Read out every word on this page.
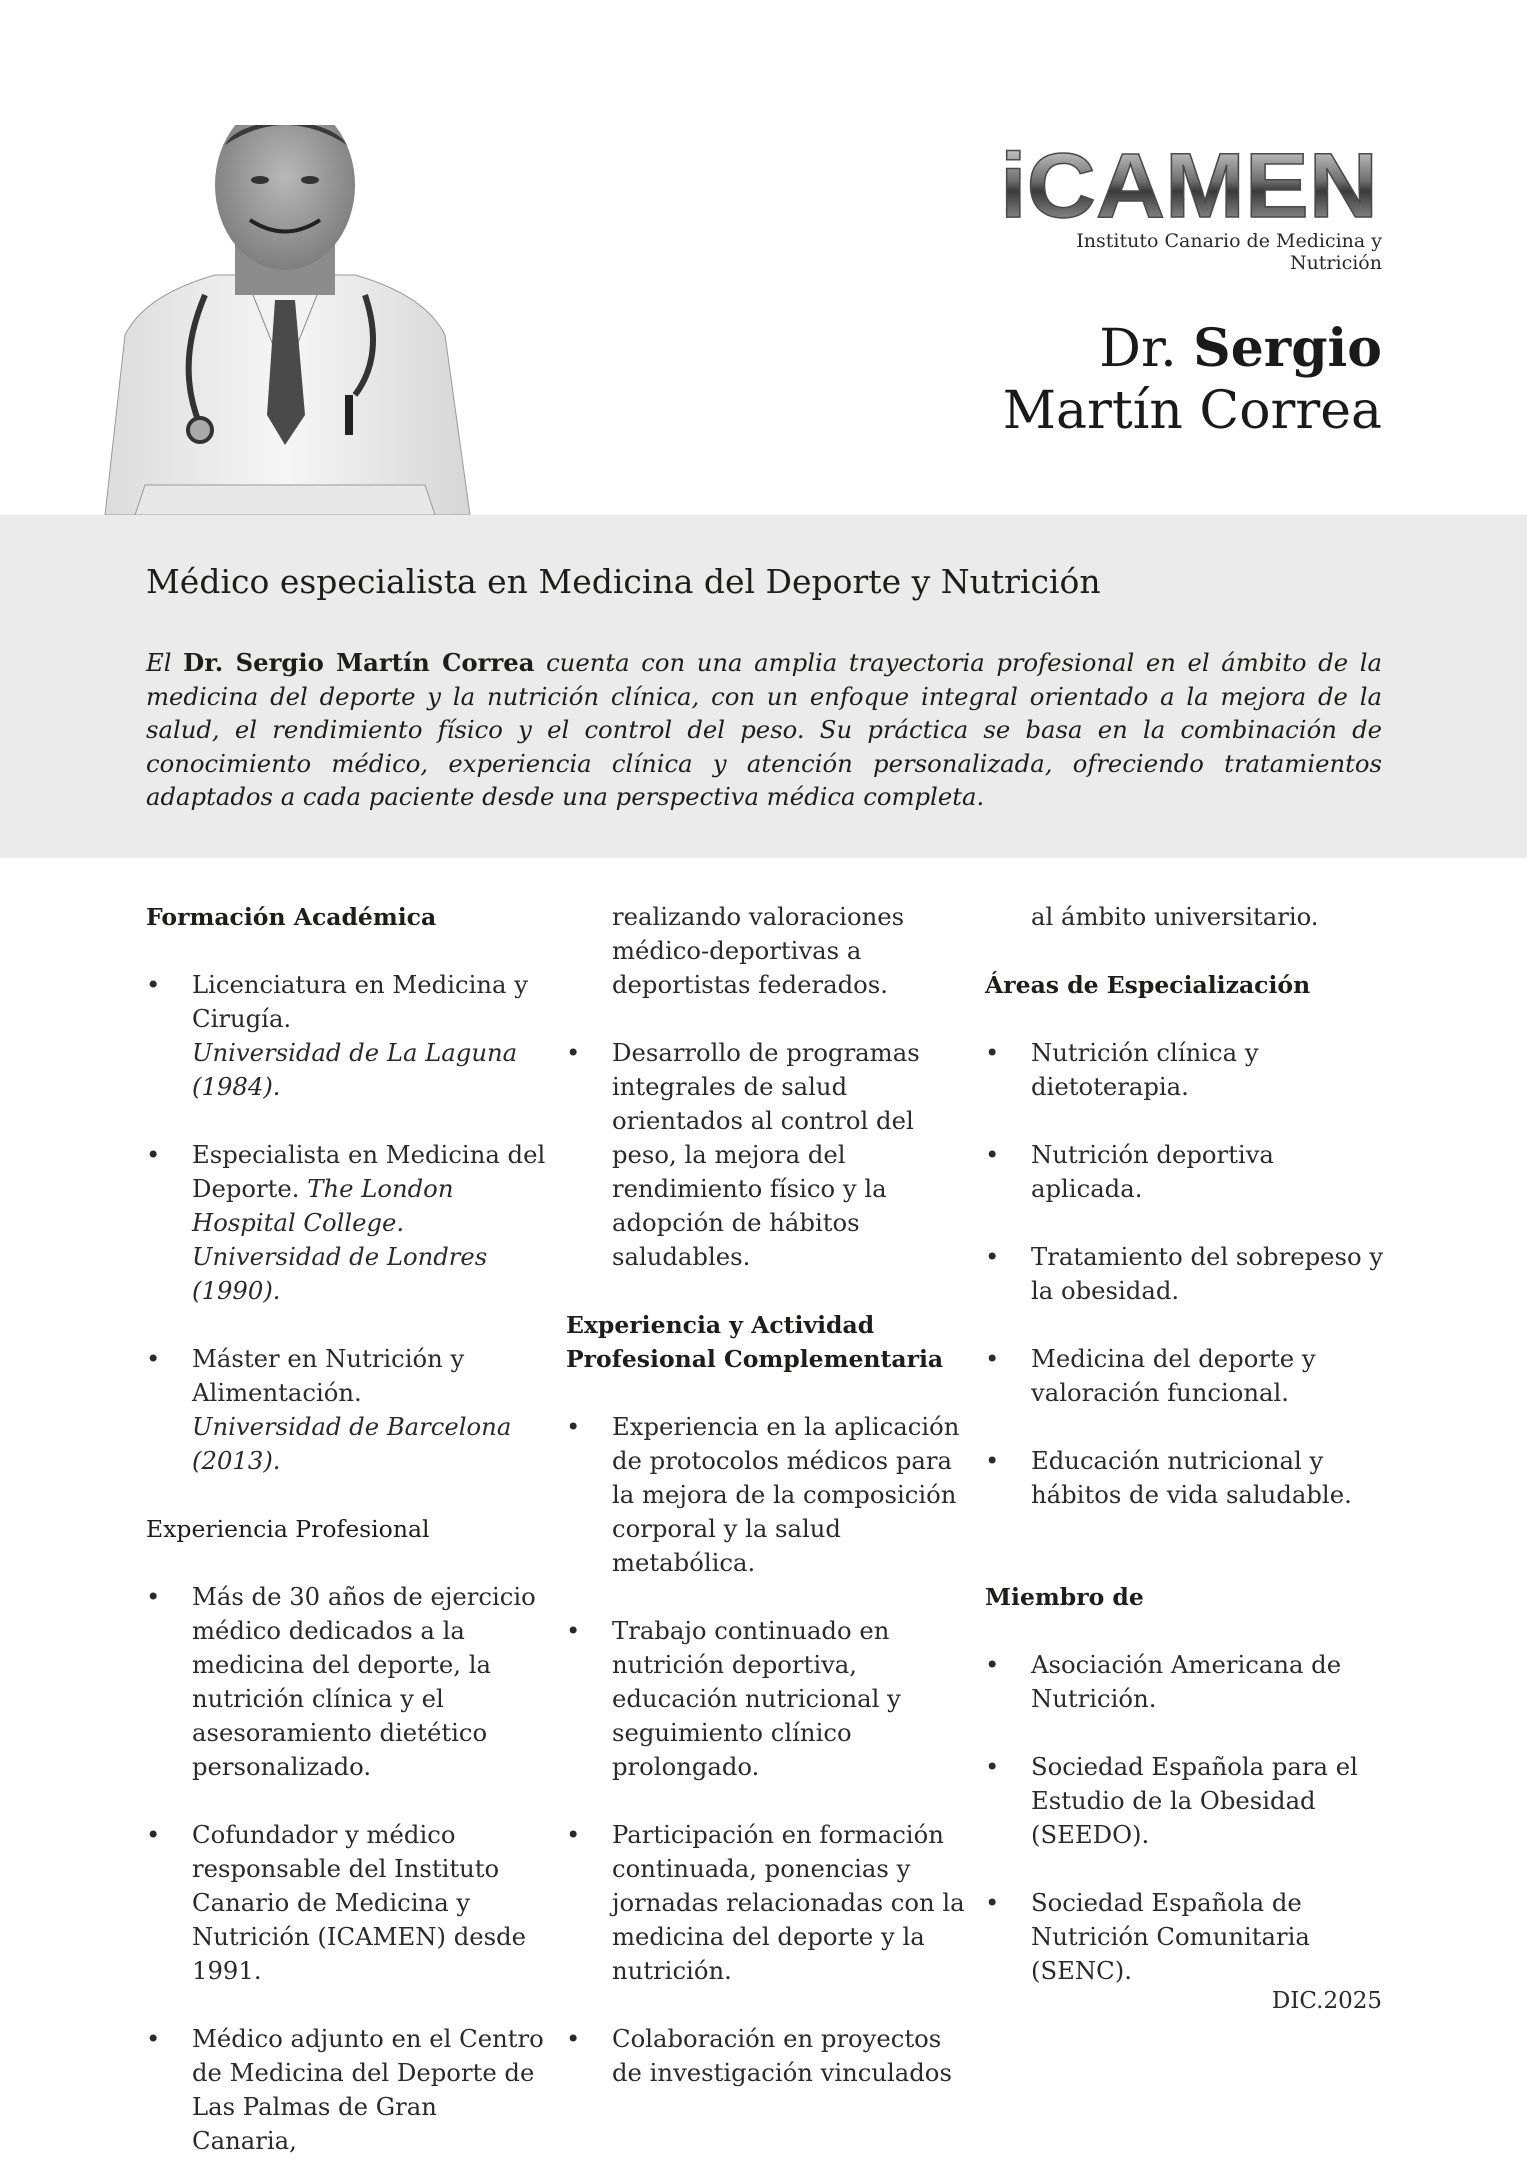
iCAMEN
Instituto Canario de Medicina y Nutrición
Dr. Sergio
Martín Correa
Médico especialista en Medicina del Deporte y Nutrición
El Dr. Sergio Martín Correa cuenta con una amplia trayectoria profesional en el ámbito de la medicina del deporte y la nutrición clínica, con un enfoque integral orientado a la mejora de la salud, el rendimiento físico y el control del peso. Su práctica se basa en la combinación de conocimiento médico, experiencia clínica y atención personalizada, ofreciendo tratamientos adaptados a cada paciente desde una perspectiva médica completa.
Formación Académica
• Licenciatura en Medicina y Cirugía.
Universidad de La Laguna (1984).
• Especialista en Medicina del Deporte. The London Hospital College. Universidad de Londres (1990).
• Máster en Nutrición y Alimentación.
Universidad de Barcelona (2013).
Experiencia Profesional
• Más de 30 años de ejercicio médico dedicados a la medicina del deporte, la nutrición clínica y el asesoramiento dietético personalizado.
• Cofundador y médico responsable del Instituto Canario de Medicina y Nutrición (ICAMEN) desde 1991.
• Médico adjunto en el Centro de Medicina del Deporte de Las Palmas de Gran Canaria,
realizando valoraciones médico-deportivas a deportistas federados.
• Desarrollo de programas integrales de salud orientados al control del peso, la mejora del rendimiento físico y la adopción de hábitos saludables.
Experiencia y Actividad Profesional Complementaria
• Experiencia en la aplicación de protocolos médicos para la mejora de la composición corporal y la salud metabólica.
• Trabajo continuado en nutrición deportiva, educación nutricional y seguimiento clínico prolongado.
• Participación en formación continuada, ponencias y jornadas relacionadas con la medicina del deporte y la nutrición.
• Colaboración en proyectos de investigación vinculados
al ámbito universitario.
Áreas de Especialización
• Nutrición clínica y dietoterapia.
• Nutrición deportiva aplicada.
• Tratamiento del sobrepeso y la obesidad.
• Medicina del deporte y valoración funcional.
• Educación nutricional y hábitos de vida saludable.
Miembro de
• Asociación Americana de Nutrición.
• Sociedad Española para el Estudio de la Obesidad (SEEDO).
• Sociedad Española de Nutrición Comunitaria (SENC).
DIC.2025
